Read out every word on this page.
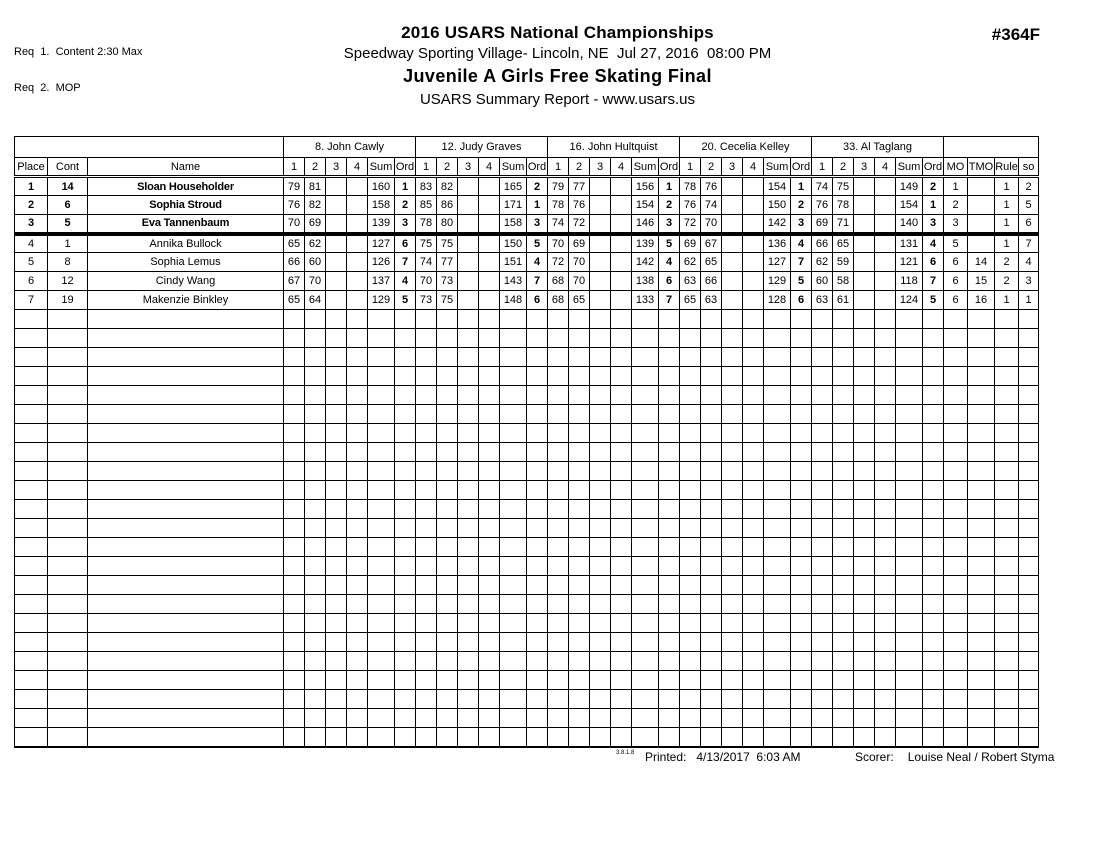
Req  1.  Content 2:30 Max

Req  2.  MOP

2016 USARS National Championships
Speedway Sporting Village- Lincoln, NE  Jul 27, 2016  08:00 PM
Juvenile A Girls Free Skating Final
USARS Summary Report - www.usars.us
#364F
			8. John Cawly						12. Judy Graves						16. John Hultquist						20. Cecelia Kelley						33. Al Taglang									
Place	Cont	Name	1	2	3	4	Sum	Ord	1	2	3	4	Sum	Ord	1	2	3	4	Sum	Ord	1	2	3	4	Sum	Ord	1	2	3	4	Sum	Ord	MO	TMO	Rule	so
1	14	Sloan Householder	79	81			160	1	83	82			165	2	79	77			156	1	78	76			154	1	74	75			149	2	1		1	2
2	6	Sophia Stroud	76	82			158	2	85	86			171	1	78	76			154	2	76	74			150	2	76	78			154	1	2		1	5
3	5	Eva Tannenbaum	70	69			139	3	78	80			158	3	74	72			146	3	72	70			142	3	69	71			140	3	3		1	6
4	1	Annika Bullock	65	62			127	6	75	75			150	5	70	69			139	5	69	67			136	4	66	65			131	4	5		1	7
5	8	Sophia Lemus	66	60			126	7	74	77			151	4	72	70			142	4	62	65			127	7	62	59			121	6	6	14	2	4
6	12	Cindy Wang	67	70			137	4	70	73			143	7	68	70			138	6	63	66			129	5	60	58			118	7	6	15	2	3
7	19	Makenzie Binkley	65	64			129	5	73	75			148	6	68	65			133	7	65	63			128	6	63	61			124	5	6	16	1	1

3.8.1.8 Printed: 4/13/2017  6:03 AM	Scorer: Louise Neal / Robert Styma
